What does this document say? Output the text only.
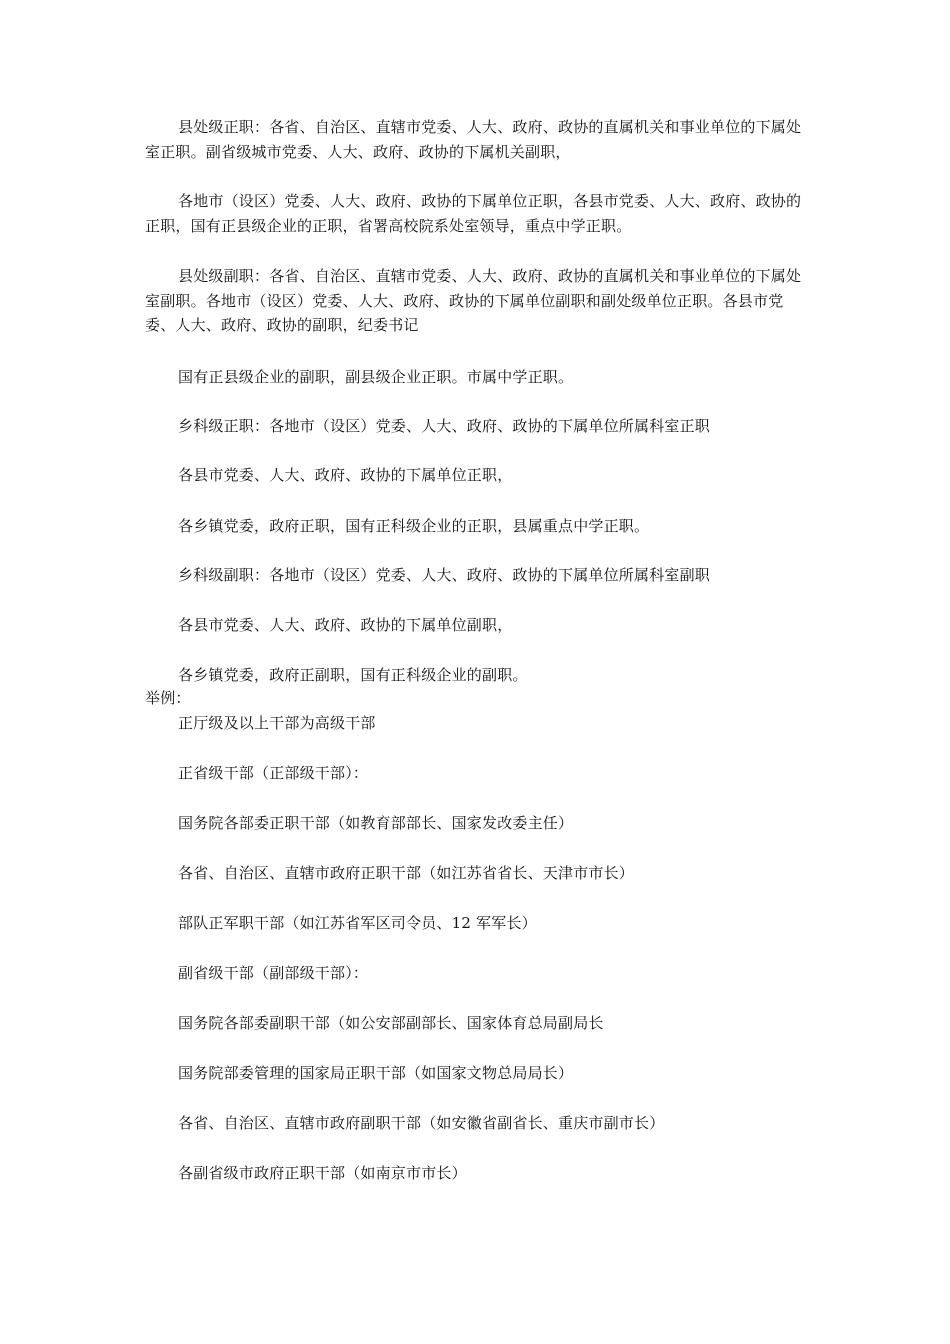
县处级正职：各省、自治区、直辖市党委、人大、政府、政协的直属机关和事业单位的下属处室正职。副省级城市党委、人大、政府、政协的下属机关副职，

各地市（设区）党委、人大、政府、政协的下属单位正职，各县市党委、人大、政府、政协的正职，国有正县级企业的正职，省署高校院系处室领导，重点中学正职。

县处级副职：各省、自治区、直辖市党委、人大、政府、政协的直属机关和事业单位的下属处室副职。各地市（设区）党委、人大、政府、政协的下属单位副职和副处级单位正职。各县市党委、人大、政府、政协的副职，纪委书记

国有正县级企业的副职，副县级企业正职。市属中学正职。

乡科级正职：各地市（设区）党委、人大、政府、政协的下属单位所属科室正职

各县市党委、人大、政府、政协的下属单位正职，

各乡镇党委，政府正职，国有正科级企业的正职，县属重点中学正职。

乡科级副职：各地市（设区）党委、人大、政府、政协的下属单位所属科室副职

各县市党委、人大、政府、政协的下属单位副职，

各乡镇党委，政府正副职，国有正科级企业的副职。

举例：

正厅级及以上干部为高级干部

正省级干部（正部级干部）：

国务院各部委正职干部（如教育部部长、国家发改委主任）

各省、自治区、直辖市政府正职干部（如江苏省省长、天津市市长）

部队正军职干部（如江苏省军区司令员、12 军军长）

副省级干部（副部级干部）：

国务院各部委副职干部（如公安部副部长、国家体育总局副局长

国务院部委管理的国家局正职干部（如国家文物总局局长）

各省、自治区、直辖市政府副职干部（如安徽省副省长、重庆市副市长）

各副省级市政府正职干部（如南京市市长）
